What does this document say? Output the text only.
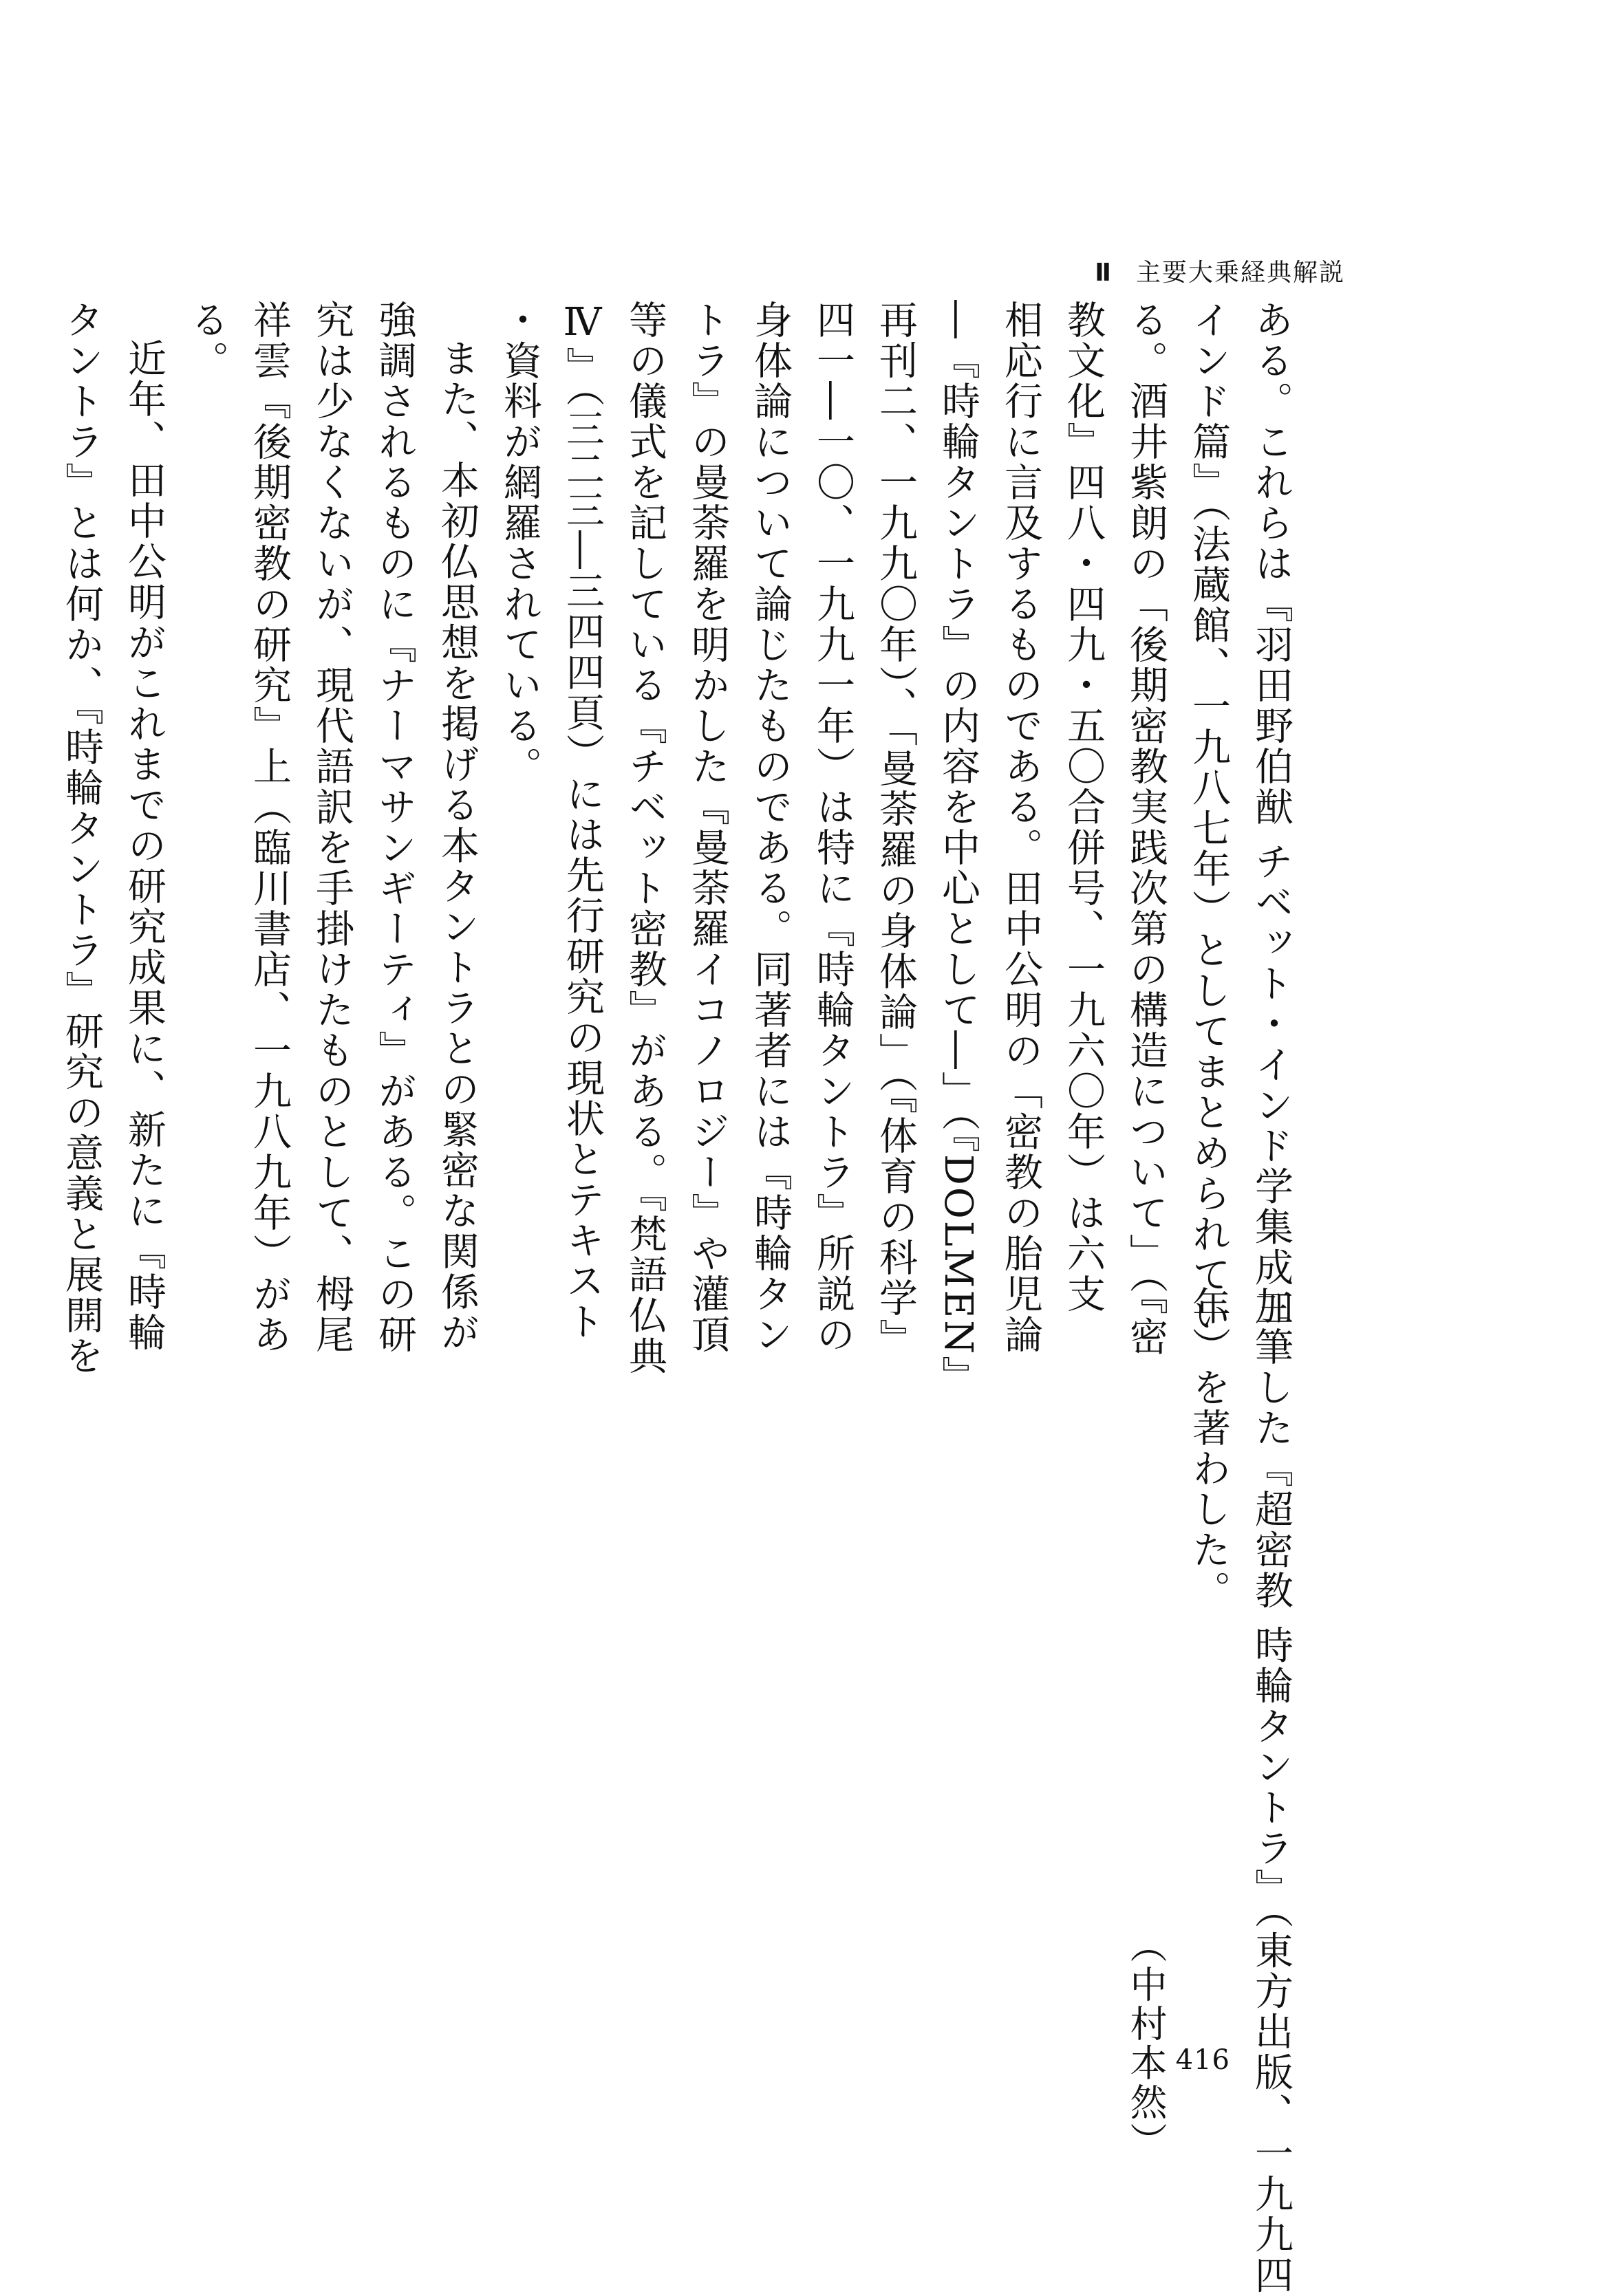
Ⅱ 主要大乗経典解説
ある。これらは『羽田野伯猷 チベット・インド学集成三
インド篇』（法蔵館、一九八七年）としてまとめられてい
る。酒井紫朗の「後期密教実践次第の構造について」（『密
教文化』四八・四九・五〇合併号、一九六〇年）は六支
相応行に言及するものである。田中公明の「密教の胎児論
―『時輪タントラ』の内容を中心として―」（『DOLMEN』
再刊二、一九九〇年）、「曼荼羅の身体論」（『体育の科学』
四一―一〇、一九九一年）は特に『時輪タントラ』所説の
身体論について論じたものである。同著者には『時輪タン
トラ』の曼荼羅を明かした『曼荼羅イコノロジー』や灌頂
等の儀式を記している『チベット密教』がある。『梵語仏典
Ⅳ』（三二三―三四四頁）には先行研究の現状とテキスト
・資料が網羅されている。
また、本初仏思想を掲げる本タントラとの緊密な関係が
強調されるものに『ナーマサンギーティ』がある。この研
究は少なくないが、現代語訳を手掛けたものとして、栂尾
祥雲『後期密教の研究』上（臨川書店、一九八九年）があ
る。
近年、田中公明がこれまでの研究成果に、新たに『時輪
タントラ』とは何か、『時輪タントラ』研究の意義と展開を
加筆した『超密教 時輪タントラ』（東方出版、一九九四
年）を著わした。
（中村本然） 416
